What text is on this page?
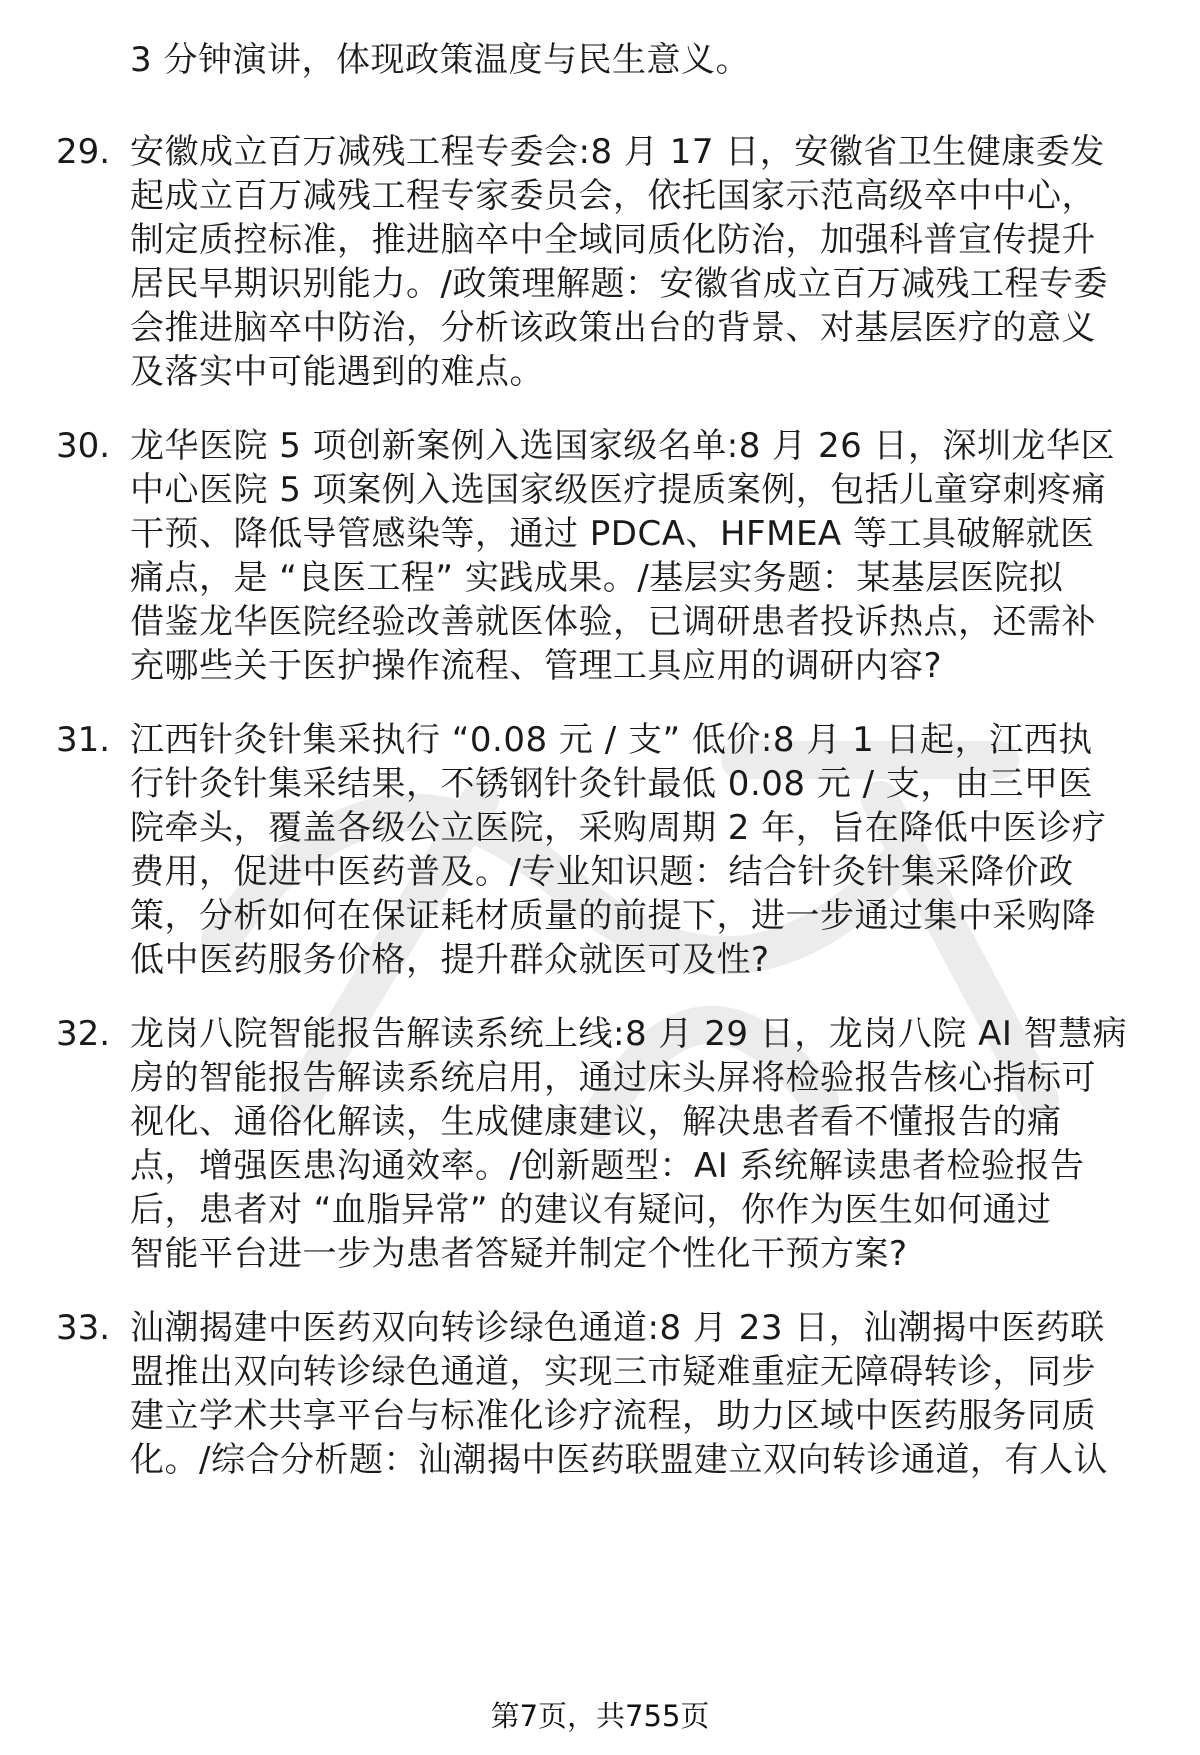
3 分钟演讲，体现政策温度与民生意义。
29. 安徽成立百万减残工程专委会:8 月 17 日，安徽省卫生健康委发
起成立百万减残工程专家委员会，依托国家示范高级卒中中心，
制定质控标准，推进脑卒中全域同质化防治，加强科普宣传提升
居民早期识别能力。/政策理解题：安徽省成立百万减残工程专委
会推进脑卒中防治，分析该政策出台的背景、对基层医疗的意义
及落实中可能遇到的难点。
30. 龙华医院 5 项创新案例入选国家级名单:8 月 26 日，深圳龙华区
中心医院 5 项案例入选国家级医疗提质案例，包括儿童穿刺疼痛
干预、降低导管感染等，通过 PDCA、HFMEA 等工具破解就医
痛点，是 “良医工程” 实践成果。/基层实务题：某基层医院拟
借鉴龙华医院经验改善就医体验，已调研患者投诉热点，还需补
充哪些关于医护操作流程、管理工具应用的调研内容?
31. 江西针灸针集采执行 “0.08 元 / 支” 低价:8 月 1 日起，江西执
行针灸针集采结果，不锈钢针灸针最低 0.08 元 / 支，由三甲医
院牵头，覆盖各级公立医院，采购周期 2 年，旨在降低中医诊疗
费用，促进中医药普及。/专业知识题：结合针灸针集采降价政
策，分析如何在保证耗材质量的前提下，进一步通过集中采购降
低中医药服务价格，提升群众就医可及性?
32. 龙岗八院智能报告解读系统上线:8 月 29 日，龙岗八院 AI 智慧病
房的智能报告解读系统启用，通过床头屏将检验报告核心指标可
视化、通俗化解读，生成健康建议，解决患者看不懂报告的痛
点，增强医患沟通效率。/创新题型：AI 系统解读患者检验报告
后，患者对 “血脂异常” 的建议有疑问，你作为医生如何通过
智能平台进一步为患者答疑并制定个性化干预方案?
33. 汕潮揭建中医药双向转诊绿色通道:8 月 23 日，汕潮揭中医药联
盟推出双向转诊绿色通道，实现三市疑难重症无障碍转诊，同步
建立学术共享平台与标准化诊疗流程，助力区域中医药服务同质
化。/综合分析题：汕潮揭中医药联盟建立双向转诊通道，有人认
第7页，共755页
